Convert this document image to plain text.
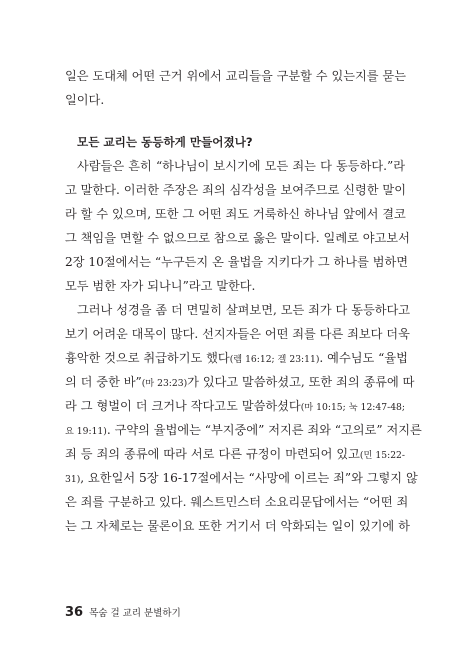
일은 도대체 어떤 근거 위에서 교리들을 구분할 수 있는지를 묻는
일이다.
모든 교리는 동등하게 만들어졌나?
사람들은 흔히 “하나님이 보시기에 모든 죄는 다 동등하다.”라
고 말한다. 이러한 주장은 죄의 심각성을 보여주므로 신령한 말이
라 할 수 있으며, 또한 그 어떤 죄도 거룩하신 하나님 앞에서 결코
그 책임을 면할 수 없으므로 참으로 옳은 말이다. 일례로 야고보서
2장 10절에서는 “누구든지 온 율법을 지키다가 그 하나를 범하면
모두 범한 자가 되나니”라고 말한다.
그러나 성경을 좀 더 면밀히 살펴보면, 모든 죄가 다 동등하다고
보기 어려운 대목이 많다. 선지자들은 어떤 죄를 다른 죄보다 더욱
흉악한 것으로 취급하기도 했다(렘 16:12; 겔 23:11). 예수님도 “율법
의 더 중한 바”(마 23:23)가 있다고 말씀하셨고, 또한 죄의 종류에 따
라 그 형벌이 더 크거나 작다고도 말씀하셨다(마 10:15; 눅 12:47-48;
요 19:11). 구약의 율법에는 “부지중에” 저지른 죄와 “고의로” 저지른
죄 등 죄의 종류에 따라 서로 다른 규정이 마련되어 있고(민 15:22-
31), 요한일서 5장 16-17절에서는 “사망에 이르는 죄”와 그렇지 않
은 죄를 구분하고 있다. 웨스트민스터 소요리문답에서는 “어떤 죄
는 그 자체로는 물론이요 또한 거기서 더 악화되는 일이 있기에 하
36 목숨 걸 교리 분별하기
